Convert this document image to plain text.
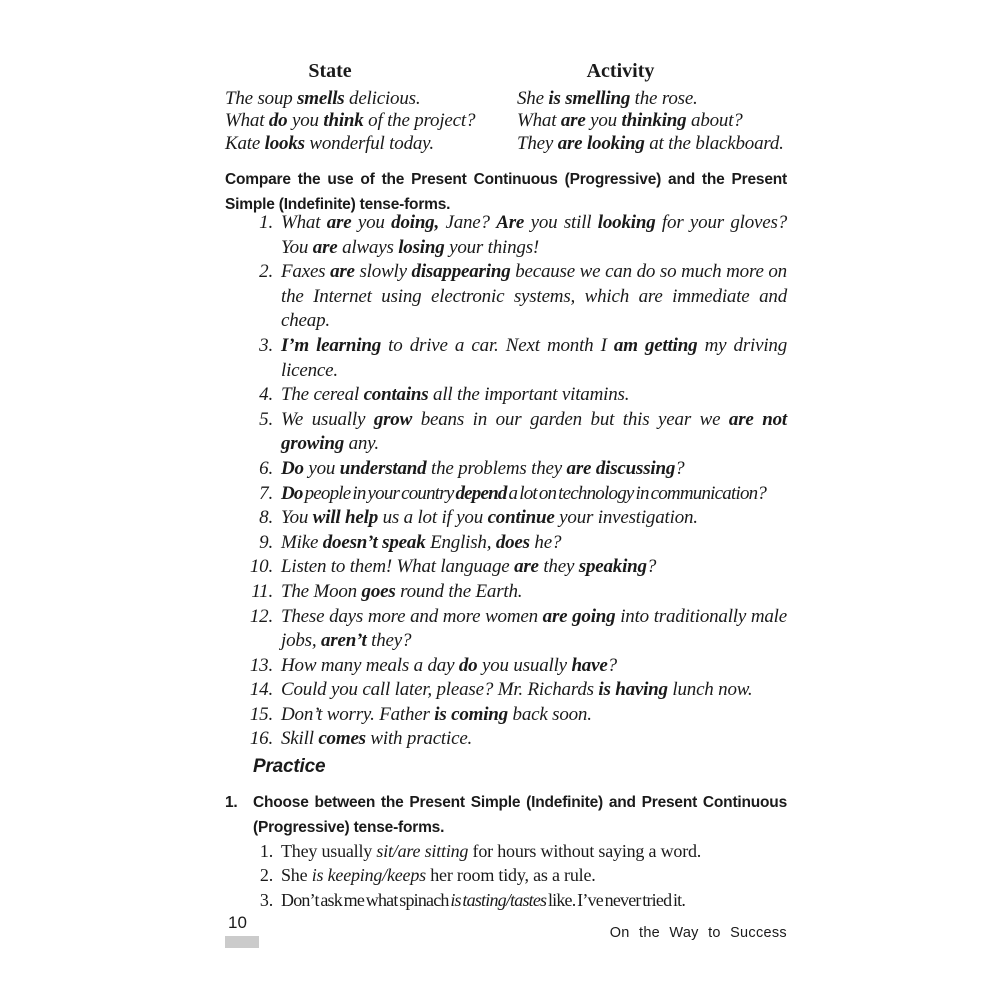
State	Activity
The soup smells delicious.
What do you think of the project?
Kate looks wonderful today.
She is smelling the rose.
What are you thinking about?
They are looking at the blackboard.
Compare the use of the Present Continuous (Progressive) and the Present Simple (Indefinite) tense-forms.
1. What are you doing, Jane? Are you still looking for your gloves? You are always losing your things!
2. Faxes are slowly disappearing because we can do so much more on the Internet using electronic systems, which are immediate and cheap.
3. I’m learning to drive a car. Next month I am getting my driving licence.
4. The cereal contains all the important vitamins.
5. We usually grow beans in our garden but this year we are not growing any.
6. Do you understand the problems they are discussing?
7. Do people in your country depend a lot on technology in communication?
8. You will help us a lot if you continue your investigation.
9. Mike doesn’t speak English, does he?
10. Listen to them! What language are they speaking?
11. The Moon goes round the Earth.
12. These days more and more women are going into traditionally male jobs, aren’t they?
13. How many meals a day do you usually have?
14. Could you call later, please? Mr. Richards is having lunch now.
15. Don’t worry. Father is coming back soon.
16. Skill comes with practice.
Practice
1. Choose between the Present Simple (Indefinite) and Present Continuous (Progressive) tense-forms.
1. They usually sit/are sitting for hours without saying a word.
2. She is keeping/keeps her room tidy, as a rule.
3. Don’t ask me what spinach is tasting/tastes like. I’ve never tried it.
10
On the Way to Success
